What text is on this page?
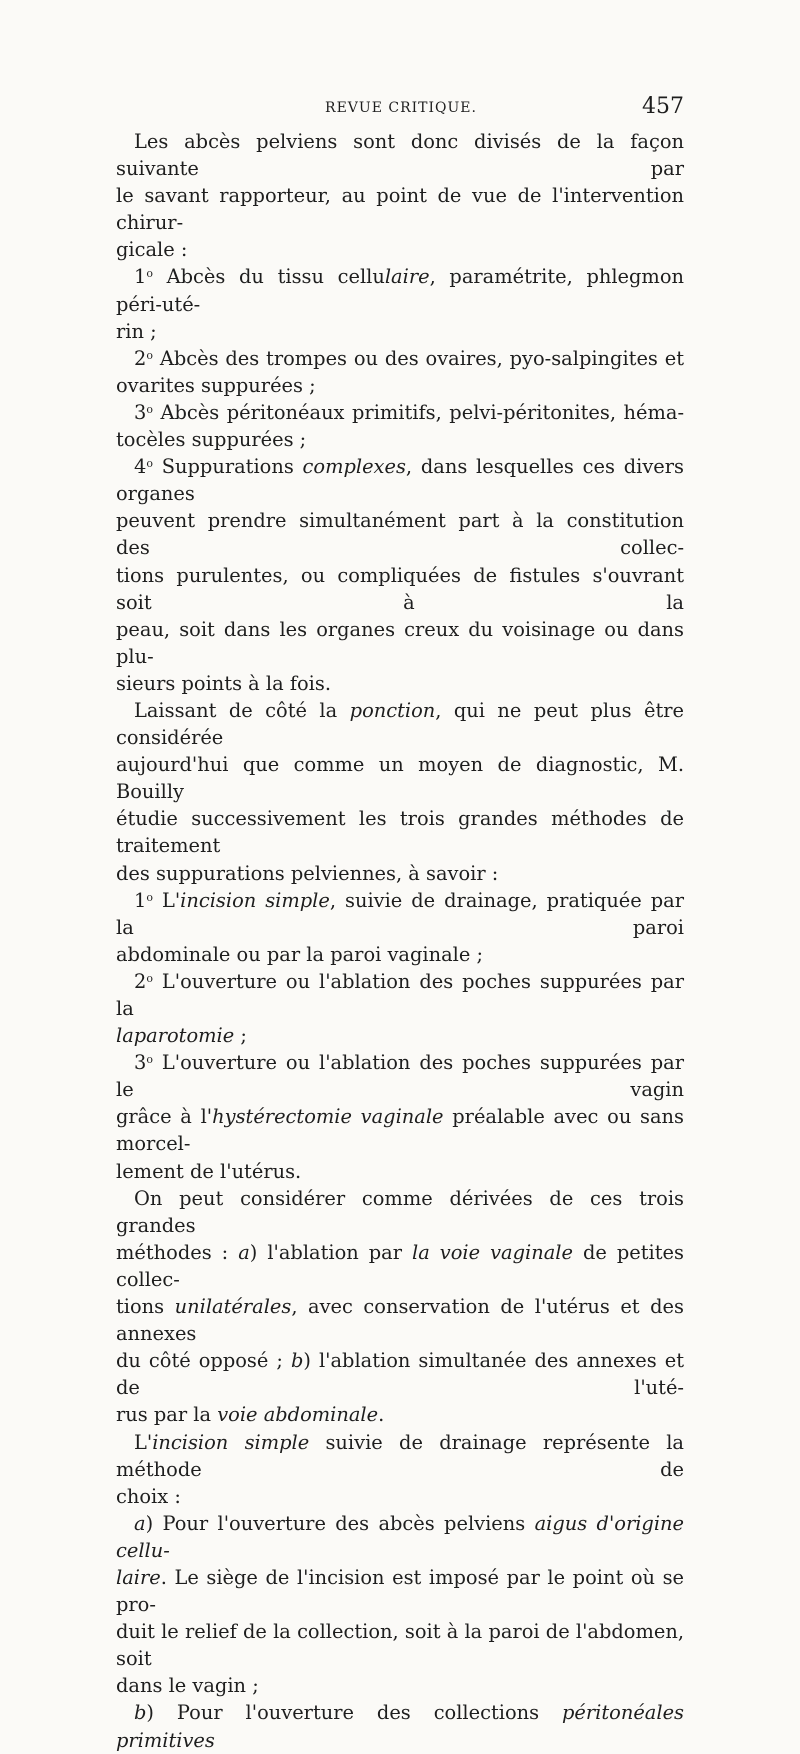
REVUE CRITIQUE.	457

Les abcès pelviens sont donc divisés de la façon suivante par

le savant rapporteur, au point de vue de l'intervention chirur-

gicale :

1$^o$ Abcès du tissu cellulaire, paramétrite, phlegmon péri-uté-

rin ;

2$^o$ Abcès des trompes ou des ovaires, pyo-salpingites et

ovarites suppurées ;

3$^o$ Abcès péritonéaux primitifs, pelvi-péritonites, héma-

tocèles suppurées ;

4$^o$ Suppurations complexes, dans lesquelles ces divers organes

peuvent prendre simultanément part à la constitution des collec-

tions purulentes, ou compliquées de fistules s'ouvrant soit à la

peau, soit dans les organes creux du voisinage ou dans plu-

sieurs points à la fois.

Laissant de côté la ponction, qui ne peut plus être considérée

aujourd'hui que comme un moyen de diagnostic, M. Bouilly

étudie successivement les trois grandes méthodes de traitement

des suppurations pelviennes, à savoir :

1$^o$ L'incision simple, suivie de drainage, pratiquée par la paroi

abdominale ou par la paroi vaginale ;

2$^o$ L'ouverture ou l'ablation des poches suppurées par la

laparotomie ;

3$^o$ L'ouverture ou l'ablation des poches suppurées par le vagin

grâce à l'hystérectomie vaginale préalable avec ou sans morcel-

lement de l'utérus.

On peut considérer comme dérivées de ces trois grandes

méthodes : a) l'ablation par la voie vaginale de petites collec-

tions unilatérales, avec conservation de l'utérus et des annexes

du côté opposé ; b) l'ablation simultanée des annexes et de l'uté-

rus par la voie abdominale.

L'incision simple suivie de drainage représente la méthode de

choix :

a) Pour l'ouverture des abcès pelviens aigus d'origine cellu-

laire. Le siège de l'incision est imposé par le point où se pro-

duit le relief de la collection, soit à la paroi de l'abdomen, soit

dans le vagin ;

b) Pour l'ouverture des collections péritonéales primitives
